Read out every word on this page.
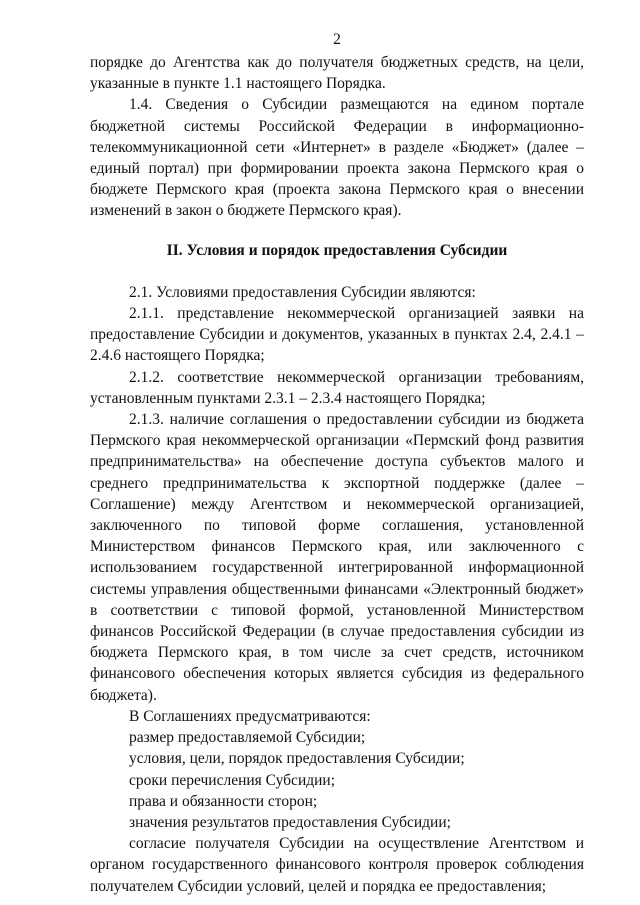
2

порядке до Агентства как до получателя бюджетных средств, на цели, указанные в пункте 1.1 настоящего Порядка.

1.4. Сведения о Субсидии размещаются на едином портале бюджетной системы Российской Федерации в информационно-телекоммуникационной сети «Интернет» в разделе «Бюджет» (далее – единый портал) при формировании проекта закона Пермского края о бюджете Пермского края (проекта закона Пермского края о внесении изменений в закон о бюджете Пермского края).

II. Условия и порядок предоставления Субсидии

2.1. Условиями предоставления Субсидии являются:

2.1.1. представление некоммерческой организацией заявки на предоставление Субсидии и документов, указанных в пунктах 2.4, 2.4.1 – 2.4.6 настоящего Порядка;

2.1.2. соответствие некоммерческой организации требованиям, установленным пунктами 2.3.1 – 2.3.4 настоящего Порядка;

2.1.3. наличие соглашения о предоставлении субсидии из бюджета Пермского края некоммерческой организации «Пермский фонд развития предпринимательства» на обеспечение доступа субъектов малого и среднего предпринимательства к экспортной поддержке (далее – Соглашение) между Агентством и некоммерческой организацией, заключенного по типовой форме соглашения, установленной Министерством финансов Пермского края, или заключенного с использованием государственной интегрированной информационной системы управления общественными финансами «Электронный бюджет» в соответствии с типовой формой, установленной Министерством финансов Российской Федерации (в случае предоставления субсидии из бюджета Пермского края, в том числе за счет средств, источником финансового обеспечения которых является субсидия из федерального бюджета).

В Соглашениях предусматриваются:

размер предоставляемой Субсидии;

условия, цели, порядок предоставления Субсидии;

сроки перечисления Субсидии;

права и обязанности сторон;

значения результатов предоставления Субсидии;

согласие получателя Субсидии на осуществление Агентством и органом государственного финансового контроля проверок соблюдения получателем Субсидии условий, целей и порядка ее предоставления;
